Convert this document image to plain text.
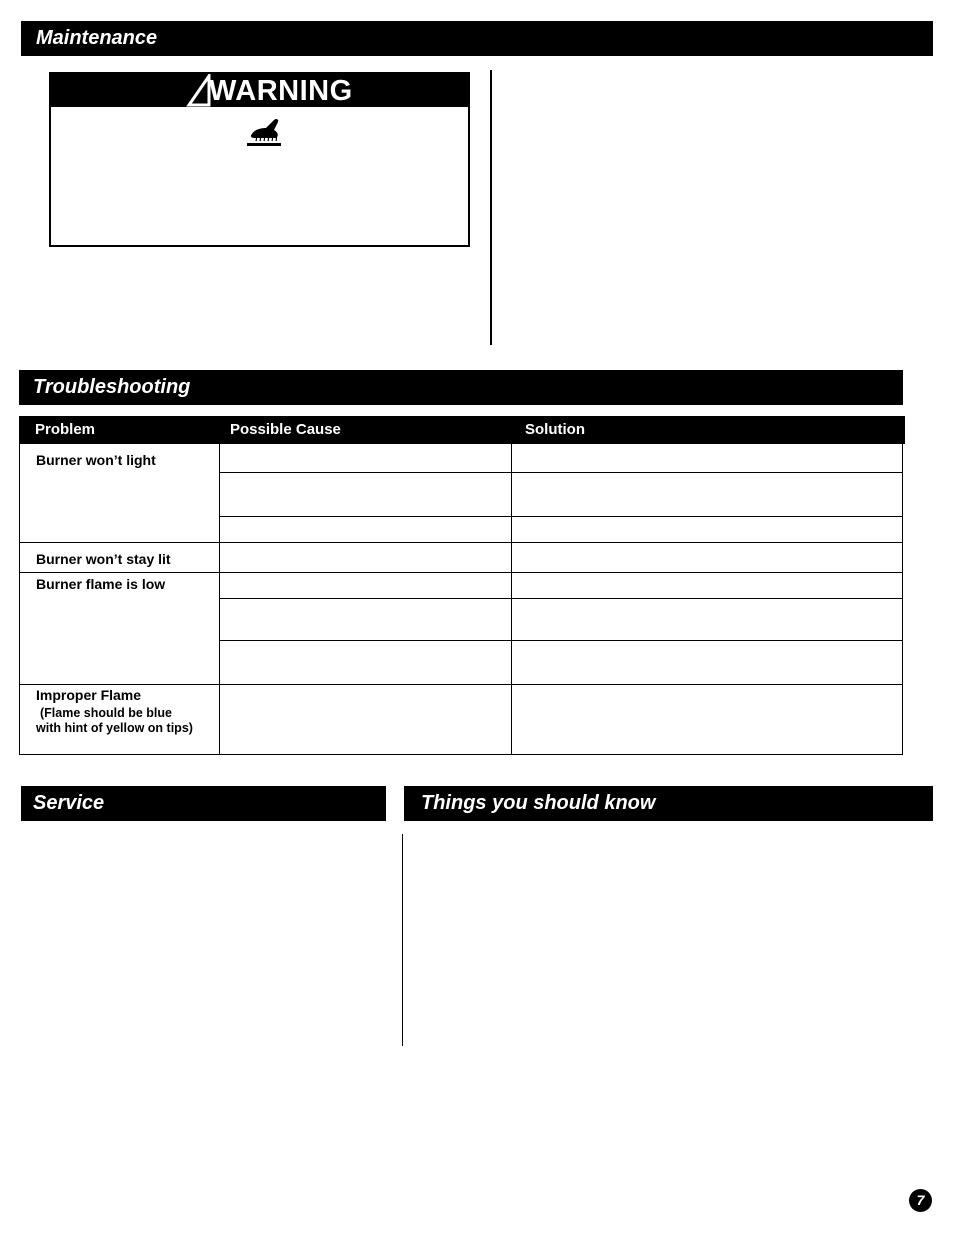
Maintenance
WARNING
Troubleshooting
Problem	Possible Cause	Solution
Burner won’t light
Burner won’t stay lit
Burner flame is low
Improper Flame
(Flame should be blue
with hint of yellow on tips)
Service	Things you should know
7
